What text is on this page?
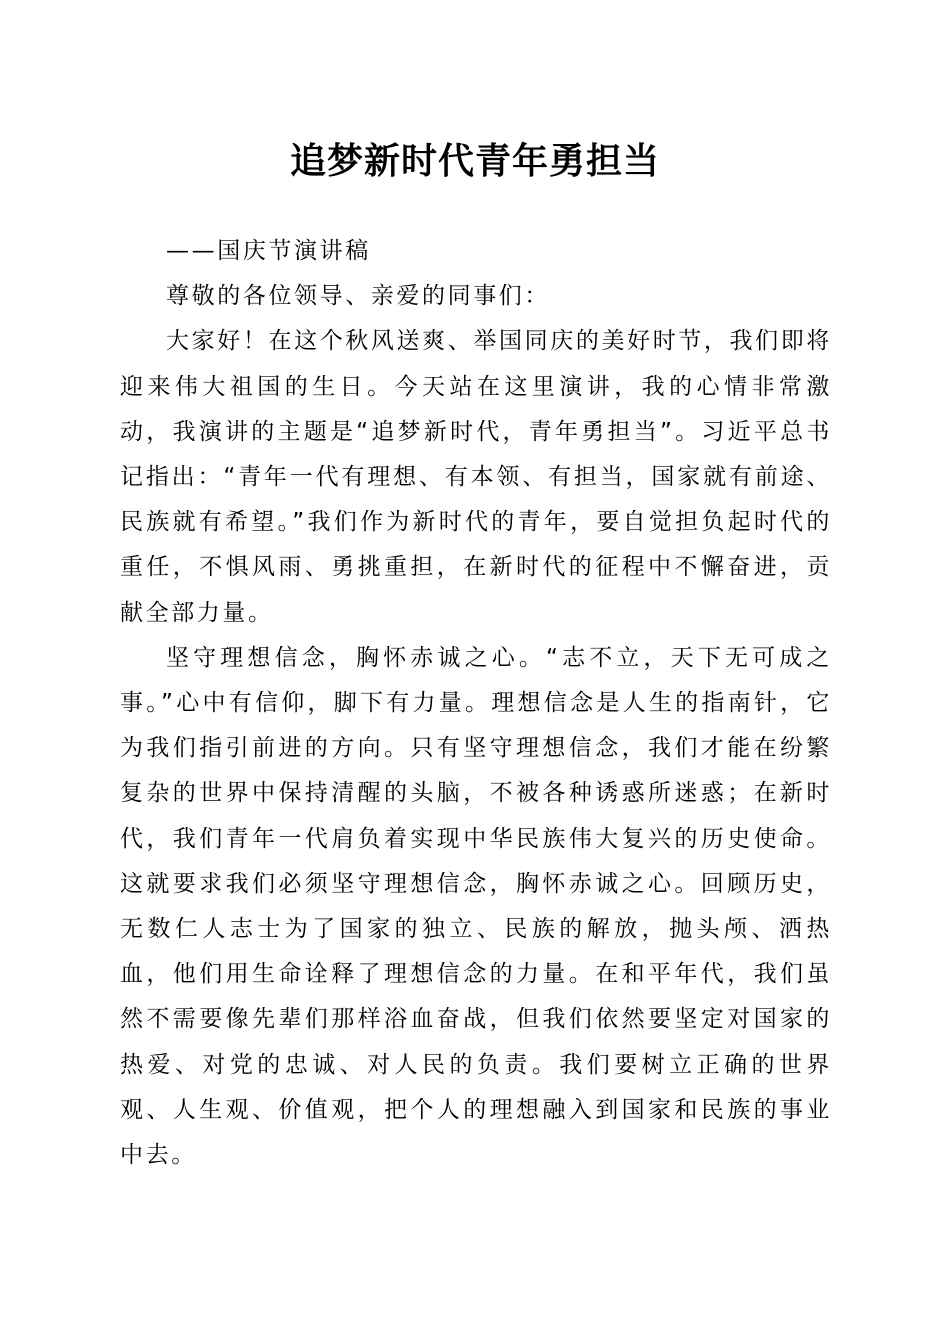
追梦新时代青年勇担当

——国庆节演讲稿

尊敬的各位领导、亲爱的同事们：

大家好！在这个秋风送爽、举国同庆的美好时节，我们即将迎来伟大祖国的生日。今天站在这里演讲，我的心情非常激动，我演讲的主题是“追梦新时代，青年勇担当”。习近平总书记指出：“青年一代有理想、有本领、有担当，国家就有前途、民族就有希望。”我们作为新时代的青年，要自觉担负起时代的重任，不惧风雨、勇挑重担，在新时代的征程中不懈奋进，贡献全部力量。

坚守理想信念，胸怀赤诚之心。“志不立，天下无可成之事。”心中有信仰，脚下有力量。理想信念是人生的指南针，它为我们指引前进的方向。只有坚守理想信念，我们才能在纷繁复杂的世界中保持清醒的头脑，不被各种诱惑所迷惑；在新时代，我们青年一代肩负着实现中华民族伟大复兴的历史使命。这就要求我们必须坚守理想信念，胸怀赤诚之心。回顾历史，无数仁人志士为了国家的独立、民族的解放，抛头颅、洒热血，他们用生命诠释了理想信念的力量。在和平年代，我们虽然不需要像先辈们那样浴血奋战，但我们依然要坚定对国家的热爱、对党的忠诚、对人民的负责。我们要树立正确的世界观、人生观、价值观，把个人的理想融入到国家和民族的事业中去。
